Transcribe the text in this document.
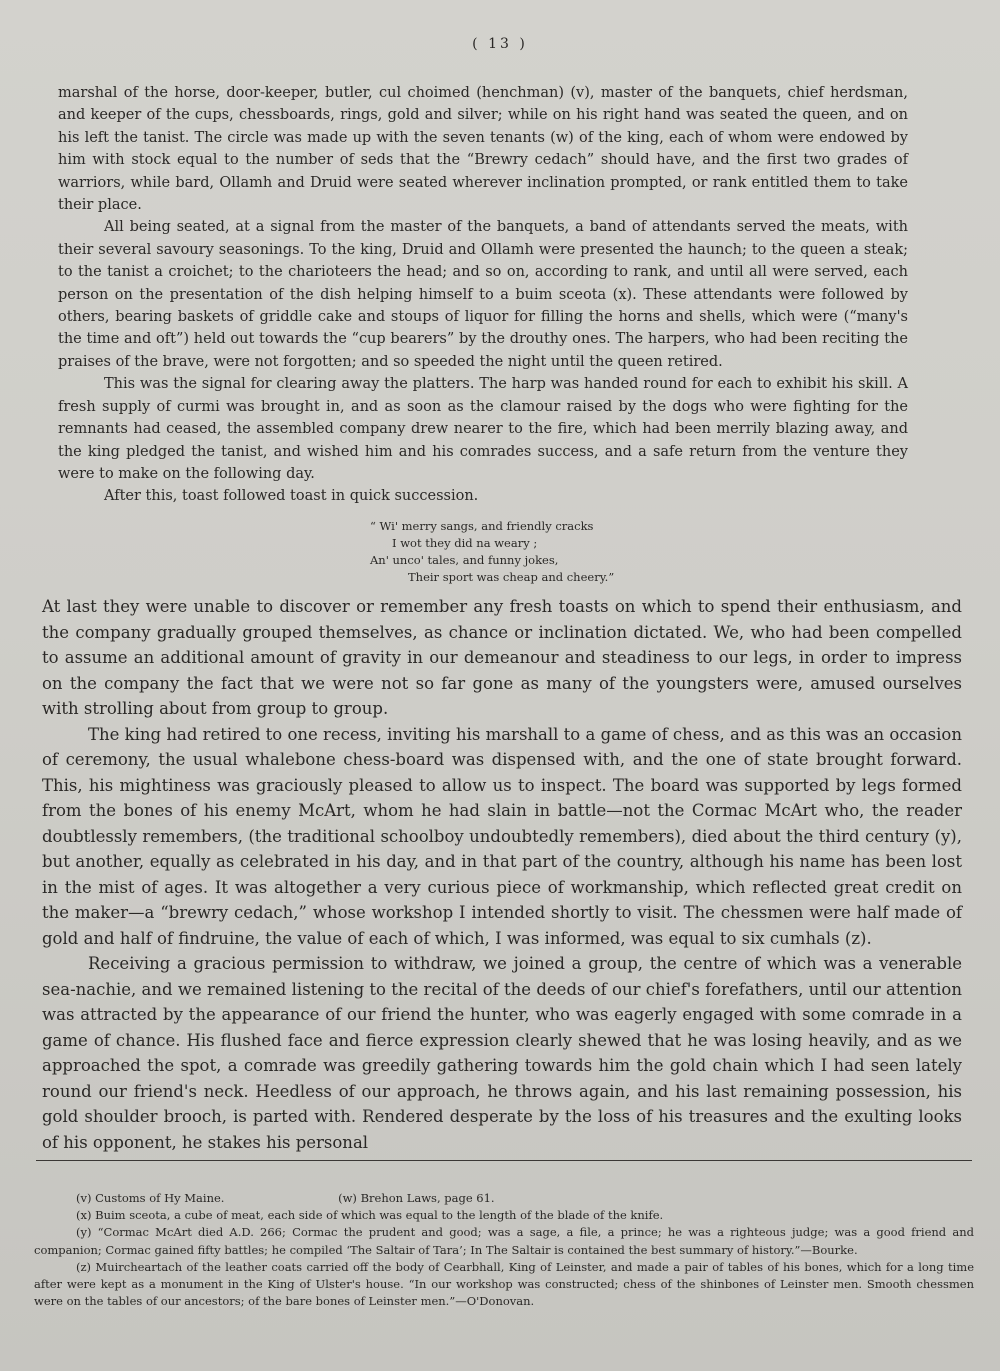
( 13 )

marshal of the horse, door-keeper, butler, cul choimed (henchman) (v), master of the banquets, chief herdsman, and keeper of the cups, chessboards, rings, gold and silver; while on his right hand was seated the queen, and on his left the tanist. The circle was made up with the seven tenants (w) of the king, each of whom were endowed by him with stock equal to the number of seds that the “Brewry cedach” should have, and the first two grades of warriors, while bard, Ollamh and Druid were seated wherever inclination prompted, or rank entitled them to take their place.

All being seated, at a signal from the master of the banquets, a band of attendants served the meats, with their several savoury seasonings. To the king, Druid and Ollamh were presented the haunch; to the queen a steak; to the tanist a croichet; to the charioteers the head; and so on, according to rank, and until all were served, each person on the presentation of the dish helping himself to a buim sceota (x). These attendants were followed by others, bearing baskets of griddle cake and stoups of liquor for filling the horns and shells, which were (“many's the time and oft”) held out towards the “cup bearers” by the drouthy ones. The harpers, who had been reciting the praises of the brave, were not forgotten; and so speeded the night until the queen retired.

This was the signal for clearing away the platters. The harp was handed round for each to exhibit his skill. A fresh supply of curmi was brought in, and as soon as the clamour raised by the dogs who were fighting for the remnants had ceased, the assembled company drew nearer to the fire, which had been merrily blazing away, and the king pledged the tanist, and wished him and his comrades success, and a safe return from the venture they were to make on the following day.

After this, toast followed toast in quick succession.

“ Wi' merry sangs, and friendly cracks
I wot they did na weary ;
An' unco' tales, and funny jokes,
Their sport was cheap and cheery.”

At last they were unable to discover or remember any fresh toasts on which to spend their enthusiasm, and the company gradually grouped themselves, as chance or inclination dictated. We, who had been compelled to assume an additional amount of gravity in our demeanour and steadiness to our legs, in order to impress on the company the fact that we were not so far gone as many of the youngsters were, amused ourselves with strolling about from group to group.

The king had retired to one recess, inviting his marshall to a game of chess, and as this was an occasion of ceremony, the usual whalebone chess-board was dispensed with, and the one of state brought forward. This, his mightiness was graciously pleased to allow us to inspect. The board was supported by legs formed from the bones of his enemy McArt, whom he had slain in battle—not the Cormac McArt who, the reader doubtlessly remembers, (the traditional schoolboy undoubtedly remembers), died about the third century (y), but another, equally as celebrated in his day, and in that part of the country, although his name has been lost in the mist of ages. It was altogether a very curious piece of workmanship, which reflected great credit on the maker—a “brewry cedach,” whose workshop I intended shortly to visit. The chessmen were half made of gold and half of findruine, the value of each of which, I was informed, was equal to six cumhals (z).

Receiving a gracious permission to withdraw, we joined a group, the centre of which was a venerable sea-nachie, and we remained listening to the recital of the deeds of our chief's forefathers, until our attention was attracted by the appearance of our friend the hunter, who was eagerly engaged with some comrade in a game of chance. His flushed face and fierce expression clearly shewed that he was losing heavily, and as we approached the spot, a comrade was greedily gathering towards him the gold chain which I had seen lately round our friend's neck. Heedless of our approach, he throws again, and his last remaining possession, his gold shoulder brooch, is parted with. Rendered desperate by the loss of his treasures and the exulting looks of his opponent, he stakes his personal

(v) Customs of Hy Maine.	(w) Brehon Laws, page 61.

(x) Buim sceota, a cube of meat, each side of which was equal to the length of the blade of the knife.

(y) “Cormac McArt died A.D. 266; Cormac the prudent and good; was a sage, a file, a prince; he was a righteous judge; was a good friend and companion; Cormac gained fifty battles; he compiled ‘The Saltair of Tara’; In The Saltair is contained the best summary of history.”—Bourke.

(z) Muircheartach of the leather coats carried off the body of Cearbhall, King of Leinster, and made a pair of tables of his bones, which for a long time after were kept as a monument in the King of Ulster's house. “In our workshop was constructed; chess of the shinbones of Leinster men. Smooth chessmen were on the tables of our ancestors; of the bare bones of Leinster men.”—O'Donovan.
